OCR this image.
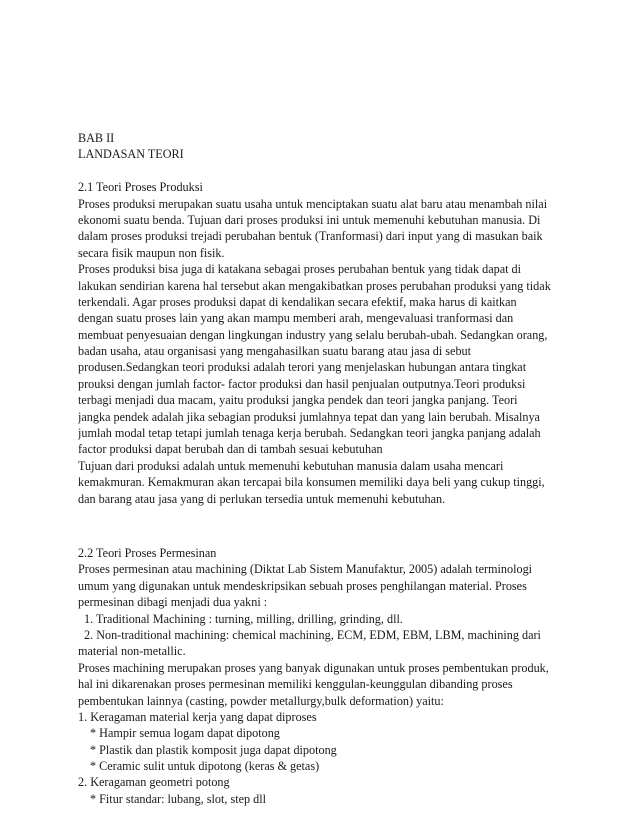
BAB II
LANDASAN TEORI
2.1 Teori Proses Produksi
Proses produksi merupakan suatu usaha untuk menciptakan suatu alat baru atau menambah nilai
ekonomi suatu benda. Tujuan dari proses produksi ini untuk memenuhi kebutuhan manusia. Di
dalam proses produksi trejadi perubahan bentuk (Tranformasi) dari input yang di masukan baik
secara fisik maupun non fisik.
Proses produksi bisa juga di katakana sebagai proses perubahan bentuk yang tidak dapat di
lakukan sendirian karena hal tersebut akan mengakibatkan proses perubahan produksi yang tidak
terkendali. Agar proses produksi dapat di kendalikan secara efektif, maka harus di kaitkan
dengan suatu proses lain yang akan mampu memberi arah, mengevaluasi tranformasi dan
membuat penyesuaian dengan lingkungan industry yang selalu berubah-ubah. Sedangkan orang,
badan usaha, atau organisasi yang mengahasilkan suatu barang atau jasa di sebut
produsen.Sedangkan teori produksi adalah terori yang menjelaskan hubungan antara tingkat
prouksi dengan jumlah factor- factor produksi dan hasil penjualan outputnya.Teori produksi
terbagi menjadi dua macam, yaitu produksi jangka pendek dan teori jangka panjang. Teori
jangka pendek adalah jika sebagian produksi jumlahnya tepat dan yang lain berubah. Misalnya
jumlah modal tetap tetapi jumlah tenaga kerja berubah. Sedangkan teori jangka panjang adalah
factor produksi dapat berubah dan di tambah sesuai kebutuhan
Tujuan dari produksi adalah untuk memenuhi kebutuhan manusia dalam usaha mencari
kemakmuran. Kemakmuran akan tercapai bila konsumen memiliki daya beli yang cukup tinggi,
dan barang atau jasa yang di perlukan tersedia untuk memenuhi kebutuhan.
2.2 Teori Proses Permesinan
Proses permesinan atau machining (Diktat Lab Sistem Manufaktur, 2005) adalah terminologi
umum yang digunakan untuk mendeskripsikan sebuah proses penghilangan material. Proses
permesinan dibagi menjadi dua yakni :
1. Traditional Machining : turning, milling, drilling, grinding, dll.
2. Non-traditional machining: chemical machining, ECM, EDM, EBM, LBM, machining dari
material non-metallic.
Proses machining merupakan proses yang banyak digunakan untuk proses pembentukan produk,
hal ini dikarenakan proses permesinan memiliki kenggulan-keunggulan dibanding proses
pembentukan lainnya (casting, powder metallurgy,bulk deformation) yaitu:
1. Keragaman material kerja yang dapat diproses
* Hampir semua logam dapat dipotong
* Plastik dan plastik komposit juga dapat dipotong
* Ceramic sulit untuk dipotong (keras & getas)
2. Keragaman geometri potong
* Fitur standar: lubang, slot, step dll
